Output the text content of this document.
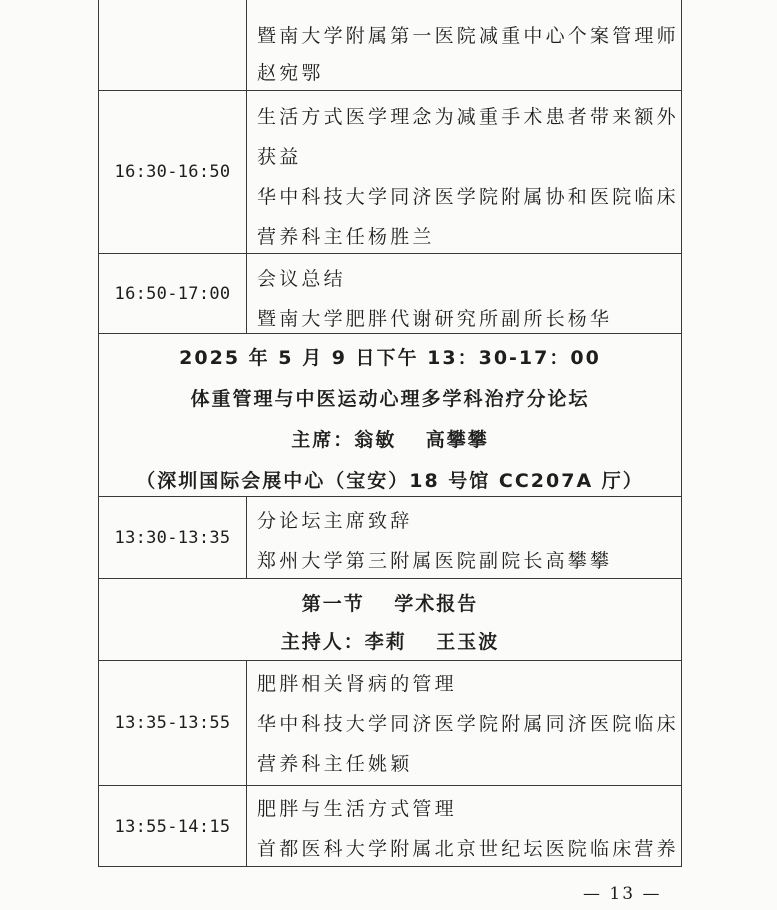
暨南大学附属第一医院减重中心个案管理师
赵宛鄂
16:30-16:50
生活方式医学理念为减重手术患者带来额外
获益
华中科技大学同济医学院附属协和医院临床
营养科主任杨胜兰
16:50-17:00
会议总结
暨南大学肥胖代谢研究所副所长杨华
2025 年 5 月 9 日下午 13：30-17：00
体重管理与中医运动心理多学科治疗分论坛
主席：翁敏　 高攀攀
（深圳国际会展中心（宝安）18 号馆 CC207A 厅）
13:30-13:35
分论坛主席致辞
郑州大学第三附属医院副院长高攀攀
第一节　 学术报告
主持人：李莉　 王玉波
13:35-13:55
肥胖相关肾病的管理
华中科技大学同济医学院附属同济医院临床
营养科主任姚颖
13:55-14:15
肥胖与生活方式管理
首都医科大学附属北京世纪坛医院临床营养
— 13 —
